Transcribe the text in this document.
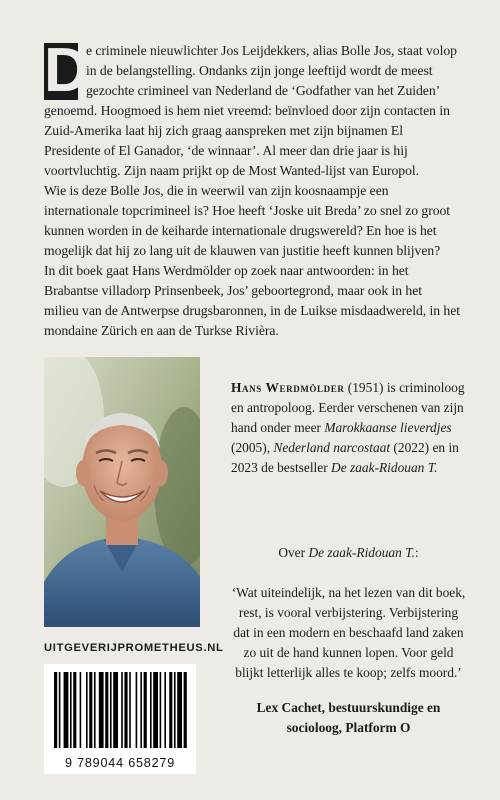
D
e criminele nieuwlichter Jos Leijdekkers, alias Bolle Jos, staat volop in de belangstelling. Ondanks zijn jonge leeftijd wordt de meest gezochte crimineel van Nederland de ‘Godfather van het Zuiden’ genoemd. Hoogmoed is hem niet vreemd: beïnvloed door zijn contacten in Zuid-Amerika laat hij zich graag aanspreken met zijn bijnamen El Presidente of El Ganador, ‘de winnaar’. Al meer dan drie jaar is hij voortvluchtig. Zijn naam prijkt op de Most Wanted-lijst van Europol.

Wie is deze Bolle Jos, die in weerwil van zijn koosnaampje een internationale topcrimineel is? Hoe heeft ‘Joske uit Breda’ zo snel zo groot kunnen worden in de keiharde internationale drugswereld? En hoe is het mogelijk dat hij zo lang uit de klauwen van justitie heeft kunnen blijven?

In dit boek gaat Hans Werdmölder op zoek naar antwoorden: in het Brabantse villadorp Prinsenbeek, Jos’ geboortegrond, maar ook in het milieu van de Antwerpse drugsbaronnen, in de Luikse misdaadwereld, in het mondaine Zürich en aan de Turkse Rivièra.

UITGEVERIJPROMETHEUS.NL
9 789044 658279
Hans Werdmölder (1951) is criminoloog en antropoloog. Eerder verschenen van zijn hand onder meer Marokkaanse lieverdjes (2005), Nederland narcostaat (2022) en in 2023 de bestseller De zaak-Ridouan T.

Over De zaak-Ridouan T.:

‘Wat uiteindelijk, na het lezen van dit boek, rest, is vooral verbijstering. Verbijstering dat in een modern en beschaafd land zaken zo uit de hand kunnen lopen. Voor geld blijkt letterlijk alles te koop; zelfs moord.’

Lex Cachet, bestuurskundige en socioloog, Platform O
